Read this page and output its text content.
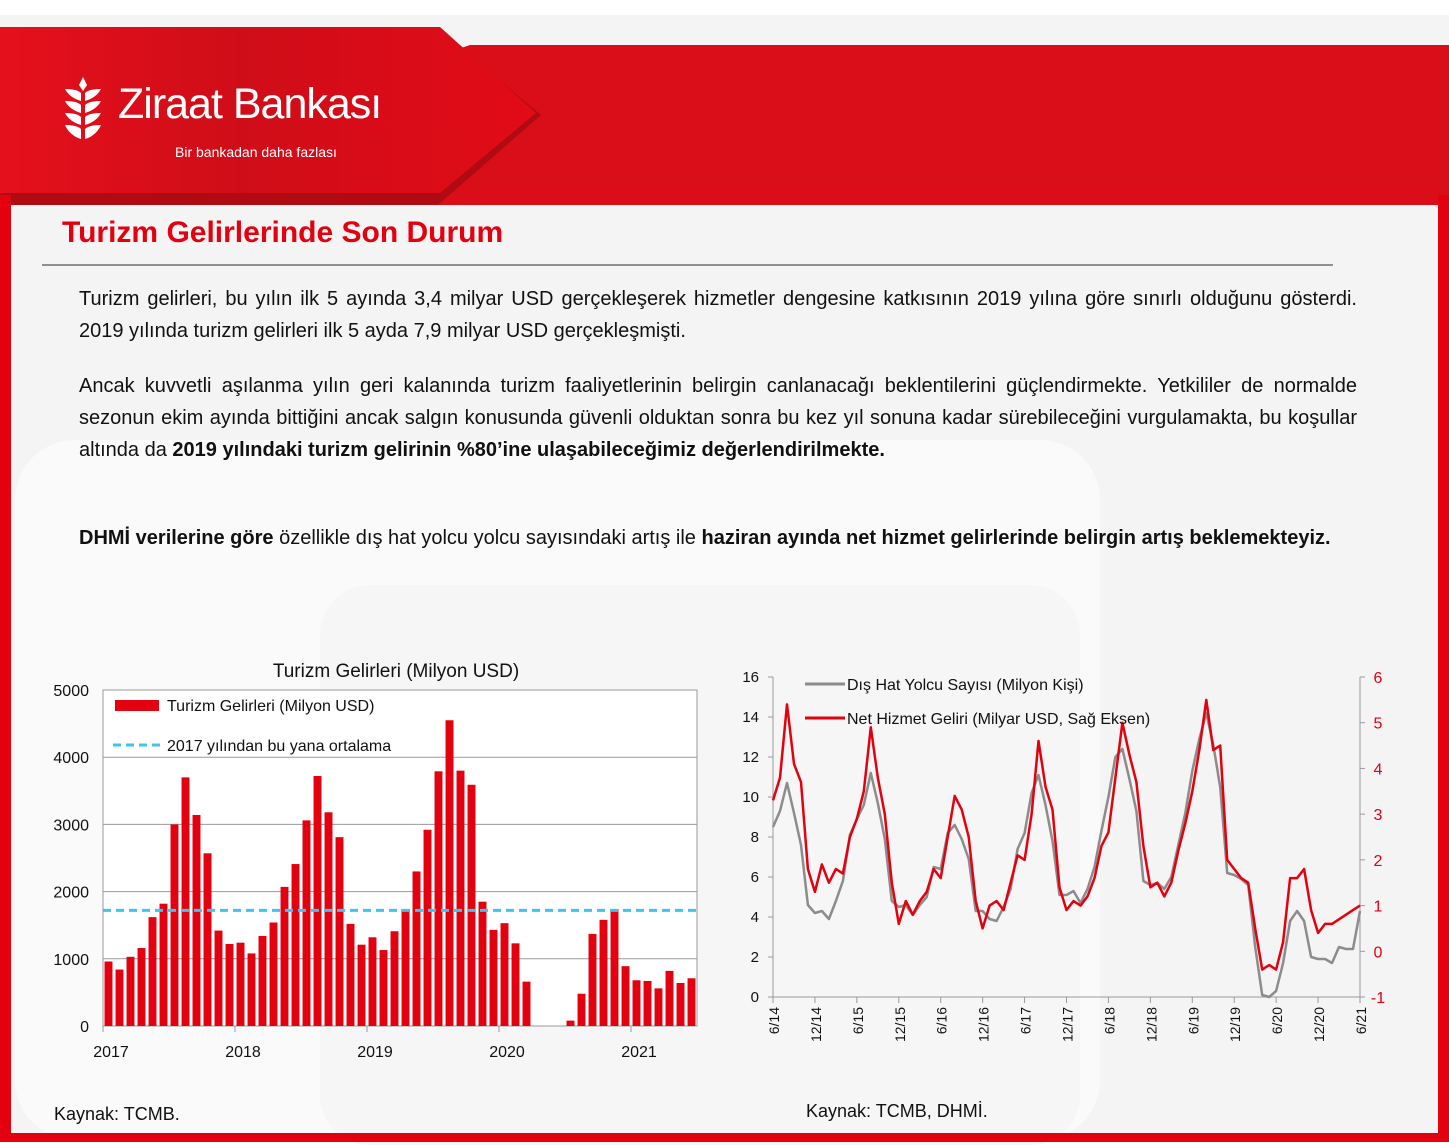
Ziraat Bankası
Bir bankadan daha fazlası
Turizm Gelirlerinde Son Durum
Turizm gelirleri, bu yılın ilk 5 ayında 3,4 milyar USD gerçekleşerek hizmetler dengesine katkısının 2019 yılına göre sınırlı olduğunu gösterdi. 2019 yılında turizm gelirleri ilk 5 ayda 7,9 milyar USD gerçekleşmişti.
Ancak kuvvetli aşılanma yılın geri kalanında turizm faaliyetlerinin belirgin canlanacağı beklentilerini güçlendirmekte. Yetkililer de normalde sezonun ekim ayında bittiğini ancak salgın konusunda güvenli olduktan sonra bu kez yıl sonuna kadar sürebileceğini vurgulamakta, bu koşullar altında da 2019 yılındaki turizm gelirinin %80’ine ulaşabileceğimiz değerlendirilmekte.
DHMİ verilerine göre özellikle dış hat yolcu yolcu sayısındaki artış ile haziran ayında net hizmet gelirlerinde belirgin artış beklemekteyiz.
0
1000
2000
3000
4000
5000
2017	2018	2019	2020	2021
Turizm Gelirleri (Milyon USD)
Turizm Gelirleri (Milyon USD)
2017 yılından bu yana ortalama
0
2
4
6
8
10
12
14
16
-1
0
1
2
3
4
5
6
6/14 12/14 6/15 12/15 6/16 12/16 6/17 12/17 6/18 12/18 6/19 12/19 6/20 12/20 6/21
Dış Hat Yolcu Sayısı (Milyon Kişi)
Net Hizmet Geliri (Milyar USD, Sağ Eksen)
Kaynak: TCMB.	Kaynak: TCMB, DHMİ.
